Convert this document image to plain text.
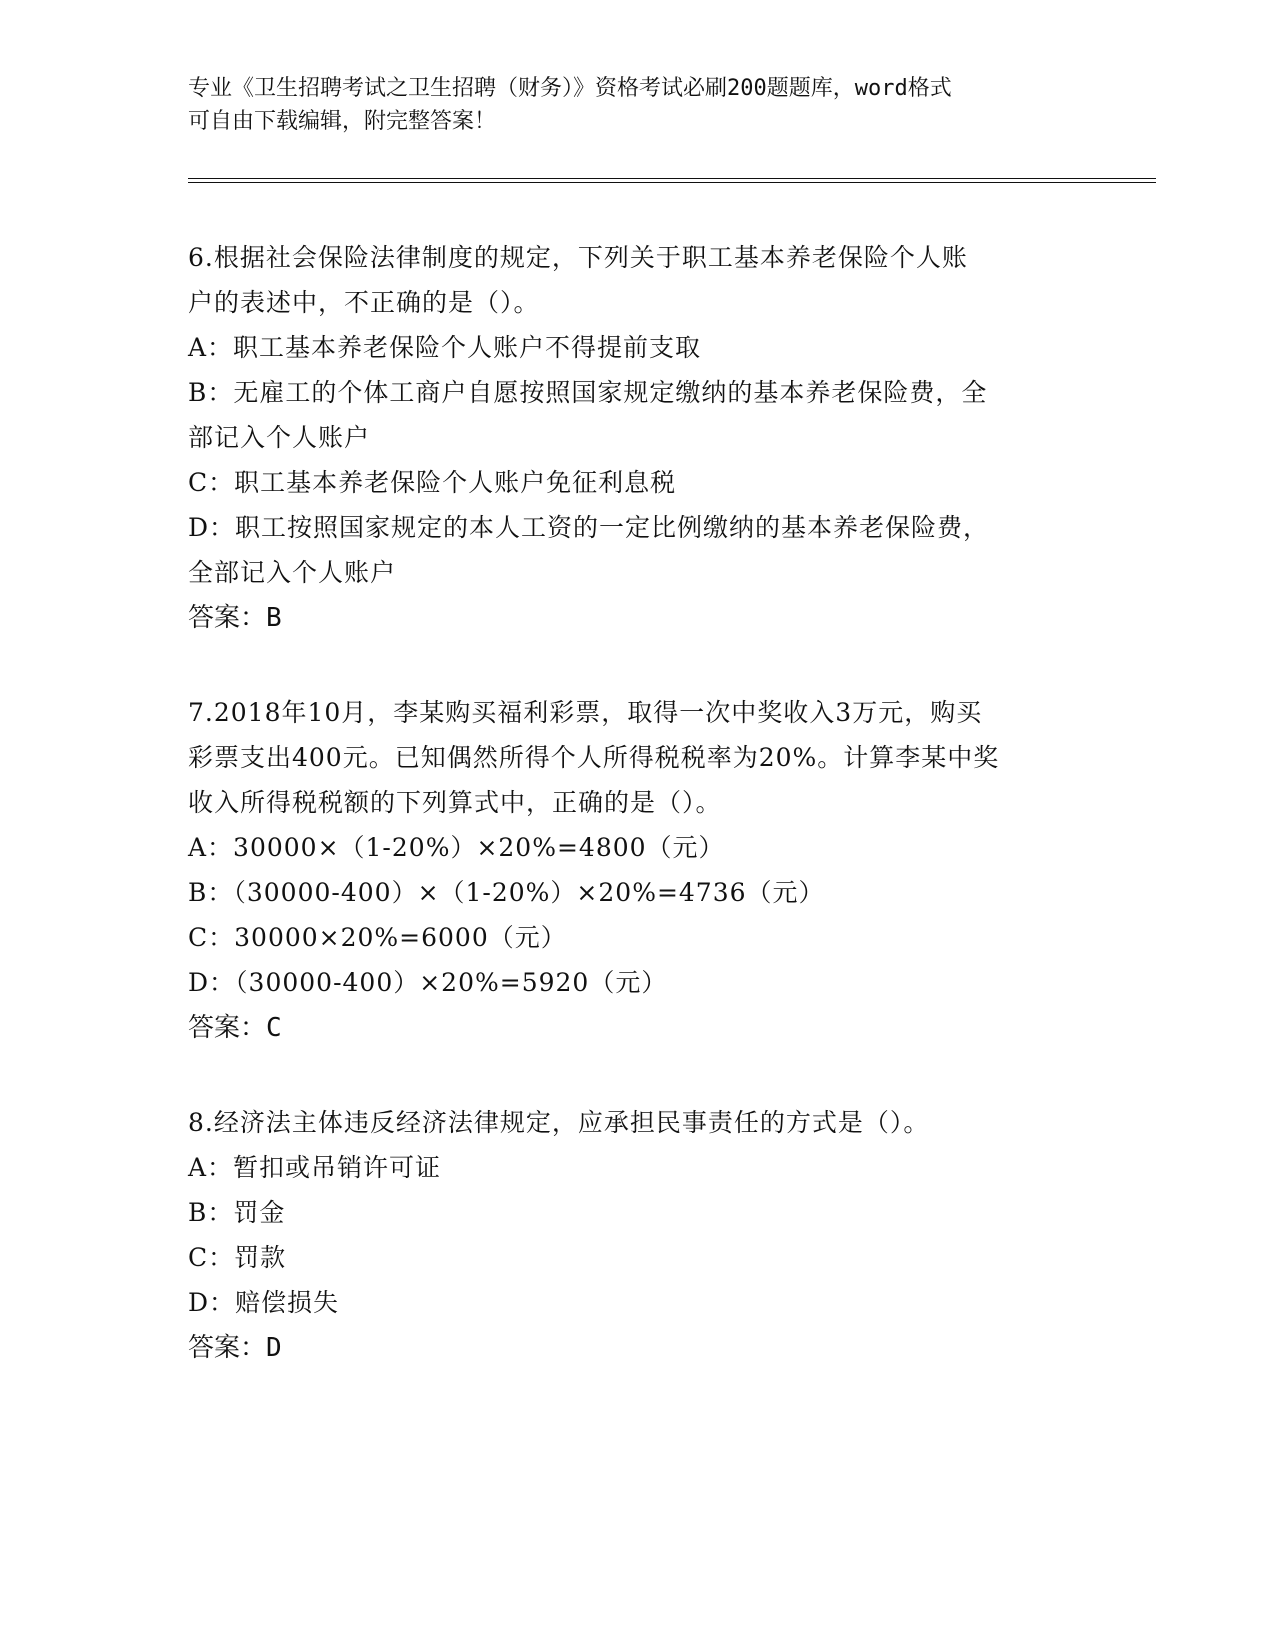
专业《卫生招聘考试之卫生招聘（财务）》资格考试必刷200题题库，word格式

可自由下载编辑，附完整答案！

6.根据社会保险法律制度的规定，下列关于职工基本养老保险个人账

户的表述中，不正确的是（）。

A：职工基本养老保险个人账户不得提前支取

B：无雇工的个体工商户自愿按照国家规定缴纳的基本养老保险费，全

部记入个人账户

C：职工基本养老保险个人账户免征利息税

D：职工按照国家规定的本人工资的一定比例缴纳的基本养老保险费，

全部记入个人账户

答案：B

7.2018年10月，李某购买福利彩票，取得一次中奖收入3万元，购买

彩票支出400元。已知偶然所得个人所得税税率为20%。计算李某中奖

收入所得税税额的下列算式中，正确的是（）。

A：30000×（1-20%）×20%=4800（元）

B：（30000-400）×（1-20%）×20%=4736（元）

C：30000×20%=6000（元）

D：（30000-400）×20%=5920（元）

答案：C

8.经济法主体违反经济法律规定，应承担民事责任的方式是（）。

A：暂扣或吊销许可证

B：罚金

C：罚款

D：赔偿损失

答案：D
